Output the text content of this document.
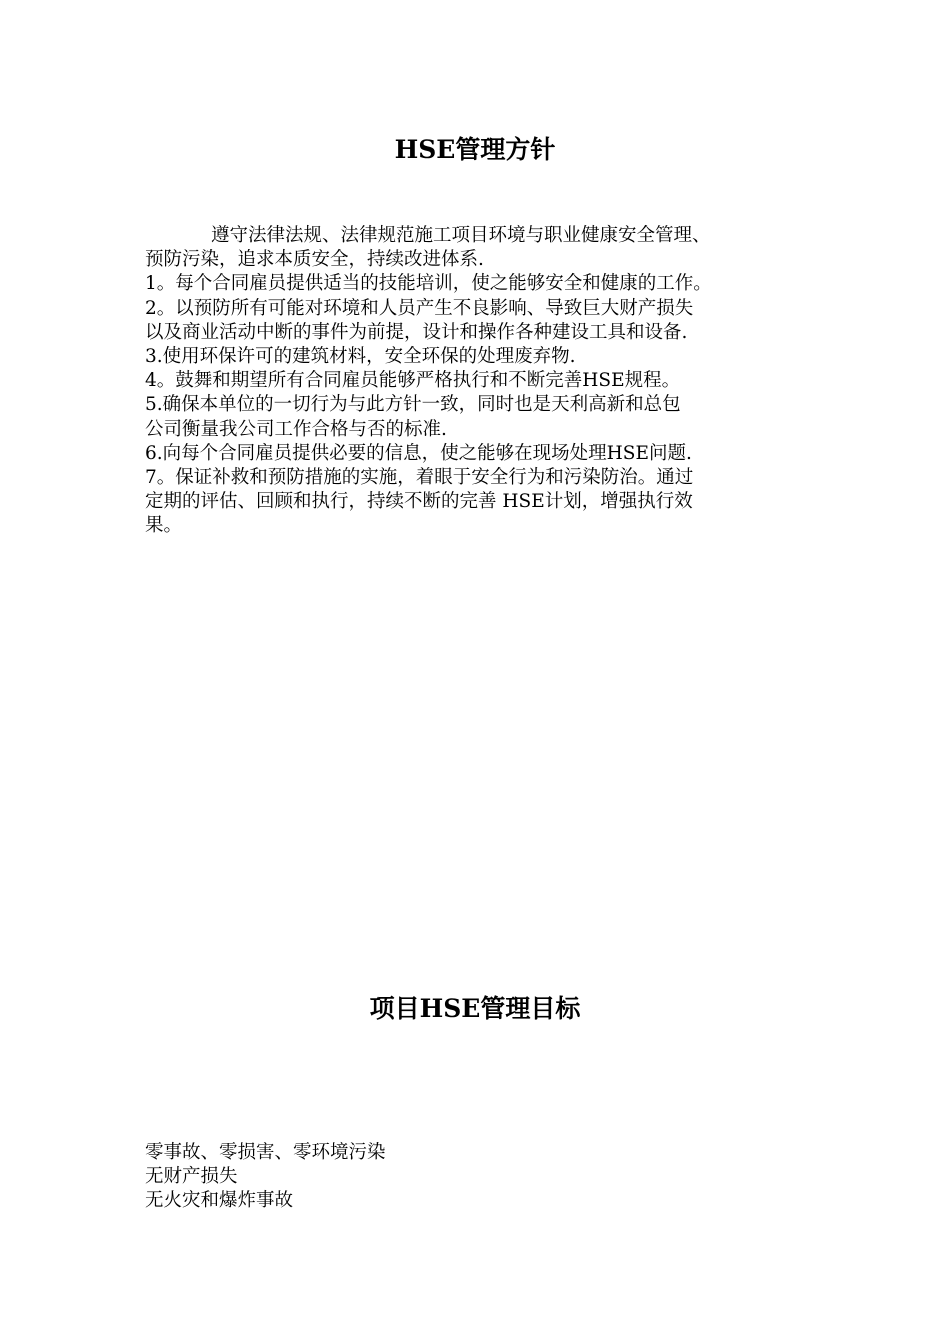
HSE管理方针
遵守法律法规、法律规范施工项目环境与职业健康安全管理、
预防污染，追求本质安全，持续改进体系.
1。每个合同雇员提供适当的技能培训，使之能够安全和健康的工作。
2。以预防所有可能对环境和人员产生不良影响、导致巨大财产损失
以及商业活动中断的事件为前提，设计和操作各种建设工具和设备.
3.使用环保许可的建筑材料，安全环保的处理废弃物.
4。鼓舞和期望所有合同雇员能够严格执行和不断完善HSE规程。
5.确保本单位的一切行为与此方针一致，同时也是天利高新和总包
公司衡量我公司工作合格与否的标准.
6.向每个合同雇员提供必要的信息，使之能够在现场处理HSE问题.
7。保证补救和预防措施的实施，着眼于安全行为和污染防治。通过
定期的评估、回顾和执行，持续不断的完善 HSE计划，增强执行效
果。
项目HSE管理目标
零事故、零损害、零环境污染
无财产损失
无火灾和爆炸事故
